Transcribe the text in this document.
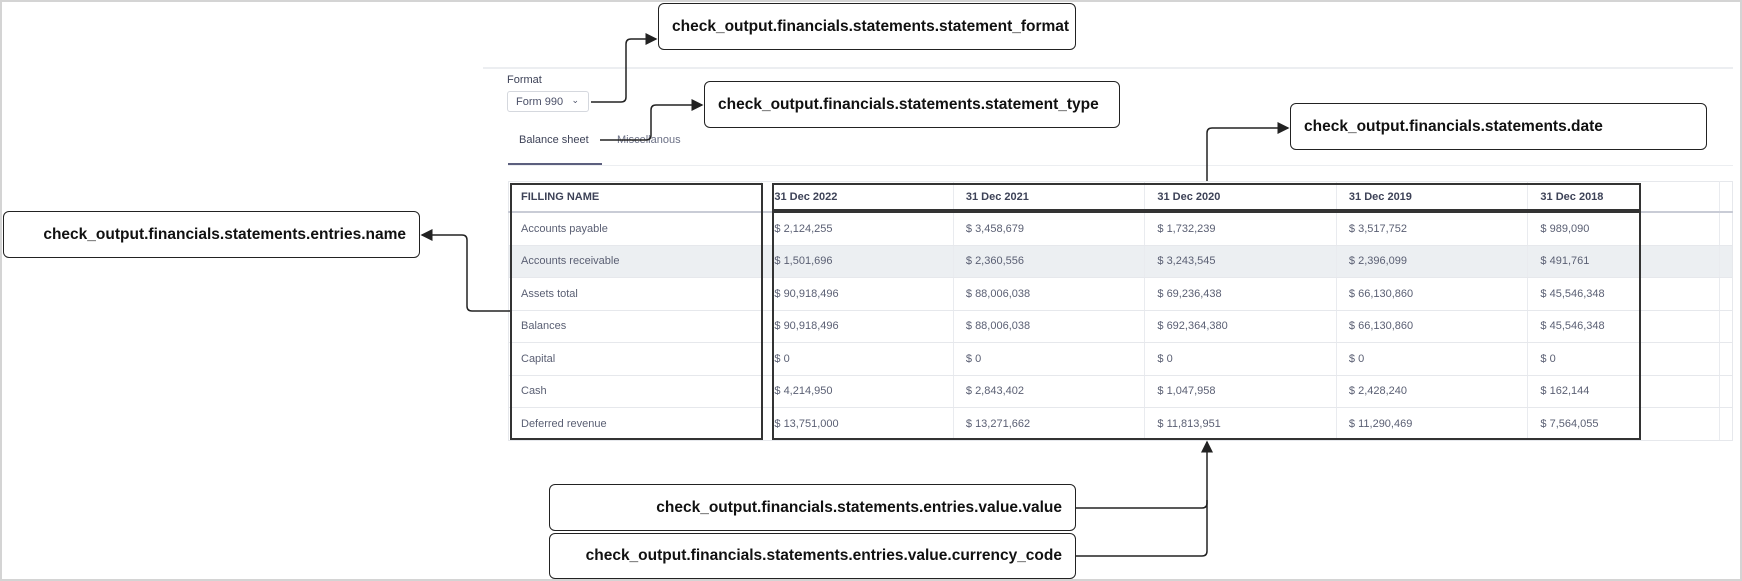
Format
Form 990 ⌄
Balance sheet	Miscellanous
FILLING NAME	31 Dec 2022	31 Dec 2021	31 Dec 2020	31 Dec 2019	31 Dec 2018	
Accounts payable	$ 2,124,255	$ 3,458,679	$ 1,732,239	$ 3,517,752	$ 989,090	
Accounts receivable	$ 1,501,696	$ 2,360,556	$ 3,243,545	$ 2,396,099	$ 491,761	
Assets total	$ 90,918,496	$ 88,006,038	$ 69,236,438	$ 66,130,860	$ 45,546,348	
Balances	$ 90,918,496	$ 88,006,038	$ 692,364,380	$ 66,130,860	$ 45,546,348	
Capital	$ 0	$ 0	$ 0	$ 0	$ 0	
Cash	$ 4,214,950	$ 2,843,402	$ 1,047,958	$ 2,428,240	$ 162,144	
Deferred revenue	$ 13,751,000	$ 13,271,662	$ 11,813,951	$ 11,290,469	$ 7,564,055	
check_output.financials.statements.statement_format
check_output.financials.statements.statement_type
check_output.financials.statements.date
check_output.financials.statements.entries.name
check_output.financials.statements.entries.value.value
check_output.financials.statements.entries.value.currency_code
